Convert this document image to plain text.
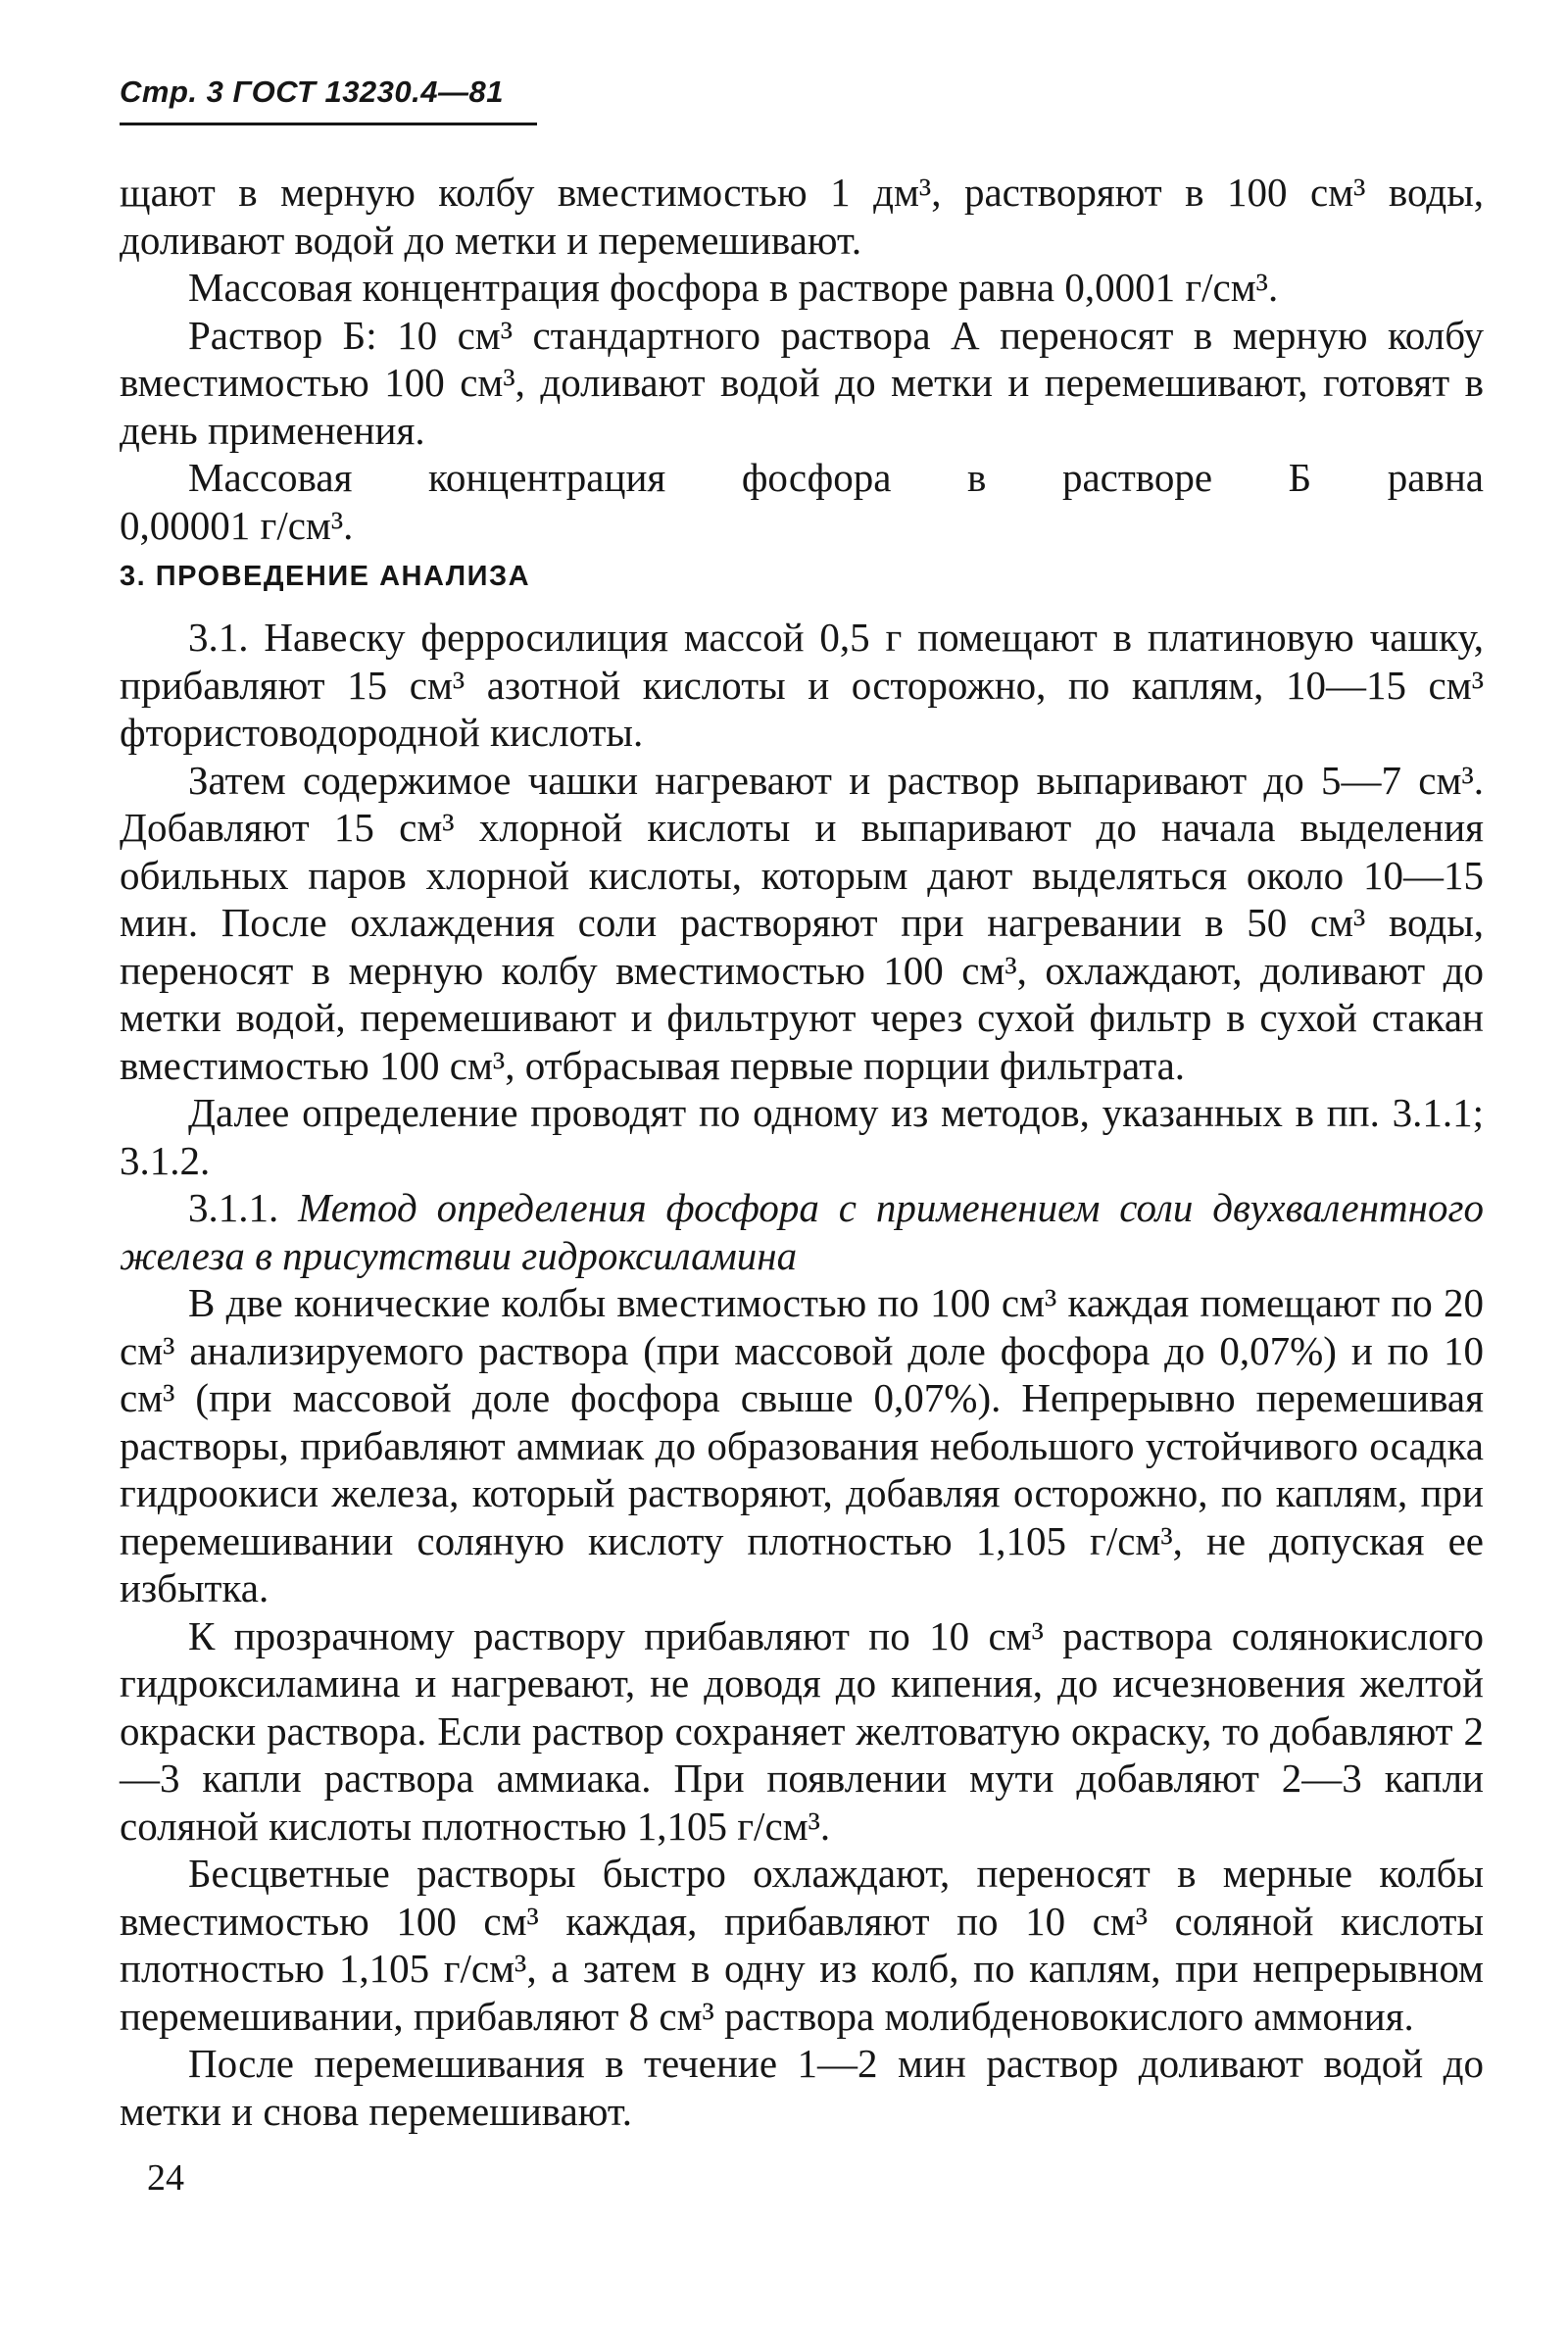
Стр. 3 ГОСТ 13230.4—81

щают в мерную колбу вместимостью 1 дм³, растворяют в 100 см³ воды, доливают водой до метки и перемешивают.

Массовая концентрация фосфора в растворе равна 0,0001 г/см³.

Раствор Б: 10 см³ стандартного раствора А переносят в мерную колбу вместимостью 100 см³, доливают водой до метки и перемешивают, готовят в день применения.

Массовая концентрация фосфора в растворе Б равна

0,00001 г/см³.

3. ПРОВЕДЕНИЕ АНАЛИЗА

3.1. Навеску ферросилиция массой 0,5 г помещают в платиновую чашку, прибавляют 15 см³ азотной кислоты и осторожно, по каплям, 10—15 см³ фтористоводородной кислоты.

Затем содержимое чашки нагревают и раствор выпаривают до 5—7 см³. Добавляют 15 см³ хлорной кислоты и выпаривают до начала выделения обильных паров хлорной кислоты, которым дают выделяться около 10—15 мин. После охлаждения соли растворяют при нагревании в 50 см³ воды, переносят в мерную колбу вместимостью 100 см³, охлаждают, доливают до метки водой, перемешивают и фильтруют через сухой фильтр в сухой стакан вместимостью 100 см³, отбрасывая первые порции фильтрата.

Далее определение проводят по одному из методов, указанных в пп. 3.1.1; 3.1.2.

3.1.1. Метод определения фосфора с применением соли двухвалентного железа в присутствии гидроксиламина

В две конические колбы вместимостью по 100 см³ каждая помещают по 20 см³ анализируемого раствора (при массовой доле фосфора до 0,07%) и по 10 см³ (при массовой доле фосфора свыше 0,07%). Непрерывно перемешивая растворы, прибавляют аммиак до образования небольшого устойчивого осадка гидроокиси железа, который растворяют, добавляя осторожно, по каплям, при перемешивании соляную кислоту плотностью 1,105 г/см³, не допуская ее избытка.

К прозрачному раствору прибавляют по 10 см³ раствора солянокислого гидроксиламина и нагревают, не доводя до кипения, до исчезновения желтой окраски раствора. Если раствор сохраняет желтоватую окраску, то добавляют 2—3 капли раствора аммиака. При появлении мути добавляют 2—3 капли соляной кислоты плотностью 1,105 г/см³.

Бесцветные растворы быстро охлаждают, переносят в мерные колбы вместимостью 100 см³ каждая, прибавляют по 10 см³ соляной кислоты плотностью 1,105 г/см³, а затем в одну из колб, по каплям, при непрерывном перемешивании, прибавляют 8 см³ раствора молибденовокислого аммония.

После перемешивания в течение 1—2 мин раствор доливают водой до метки и снова перемешивают.

24
